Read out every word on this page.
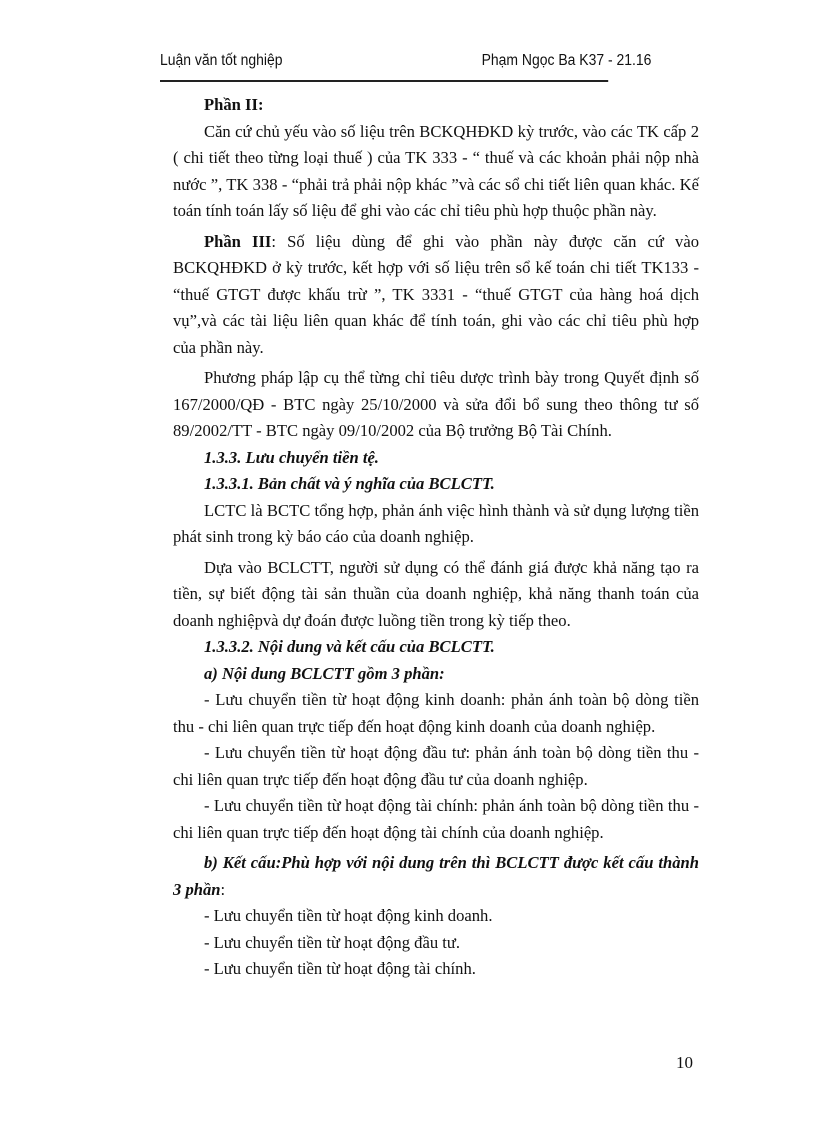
Luận văn tốt nghiệp	Phạm Ngọc Ba K37 - 21.16

Phần II:

Căn cứ chủ yếu vào số liệu trên BCKQHĐKD kỳ trước, vào các TK cấp 2 ( chi tiết theo từng loại thuế ) của TK 333 - “ thuế và các khoản phải nộp nhà nước ”, TK 338 - “phải trả phải nộp khác ”và các sổ chi tiết liên quan khác. Kế toán tính toán lấy số liệu để ghi vào các chỉ tiêu phù hợp thuộc phần này.

Phần III: Số liệu dùng để ghi vào phần này được căn cứ vào BCKQHĐKD ở kỳ trước, kết hợp với số liệu trên sổ kế toán chi tiết TK133 - “thuế GTGT được khấu trừ ”, TK 3331 - “thuế GTGT của hàng hoá dịch vụ”,và các tài liệu liên quan khác để tính toán, ghi vào các chỉ tiêu phù hợp của phần này.

Phương pháp lập cụ thể từng chỉ tiêu dược trình bày trong Quyết định số 167/2000/QĐ - BTC ngày 25/10/2000 và sửa đổi bổ sung theo thông tư số 89/2002/TT - BTC ngày 09/10/2002 của Bộ trưởng Bộ Tài Chính.

1.3.3. Lưu chuyển tiền tệ.

1.3.3.1. Bản chất và ý nghĩa của BCLCTT.

LCTC là BCTC tổng hợp, phản ánh việc hình thành và sử dụng lượng tiền phát sinh trong kỳ báo cáo của doanh nghiệp.

Dựa vào BCLCTT, người sử dụng có thể đánh giá được khả năng tạo ra tiền, sự biết động tài sản thuần của doanh nghiệp, khả năng thanh toán của doanh nghiệpvà dự đoán được luồng tiền trong kỳ tiếp theo.

1.3.3.2. Nội dung và kết cấu của BCLCTT.

a) Nội dung BCLCTT gồm 3 phần:

- Lưu chuyển tiền từ hoạt động kinh doanh: phản ánh toàn bộ dòng tiền thu - chi liên quan trực tiếp đến hoạt động kinh doanh của doanh nghiệp.

- Lưu chuyển tiền từ hoạt động đầu tư: phản ánh toàn bộ dòng tiền thu - chi liên quan trực tiếp đến hoạt động đầu tư của doanh nghiệp.

- Lưu chuyển tiền từ hoạt động tài chính: phản ánh toàn bộ dòng tiền thu - chi liên quan trực tiếp đến hoạt động tài chính của doanh nghiệp.

b) Kết cấu:Phù hợp với nội dung trên thì BCLCTT được kết cấu thành 3 phần:

- Lưu chuyển tiền từ hoạt động kinh doanh.

- Lưu chuyển tiền từ hoạt động đầu tư.

- Lưu chuyển tiền từ hoạt động tài chính.

10
